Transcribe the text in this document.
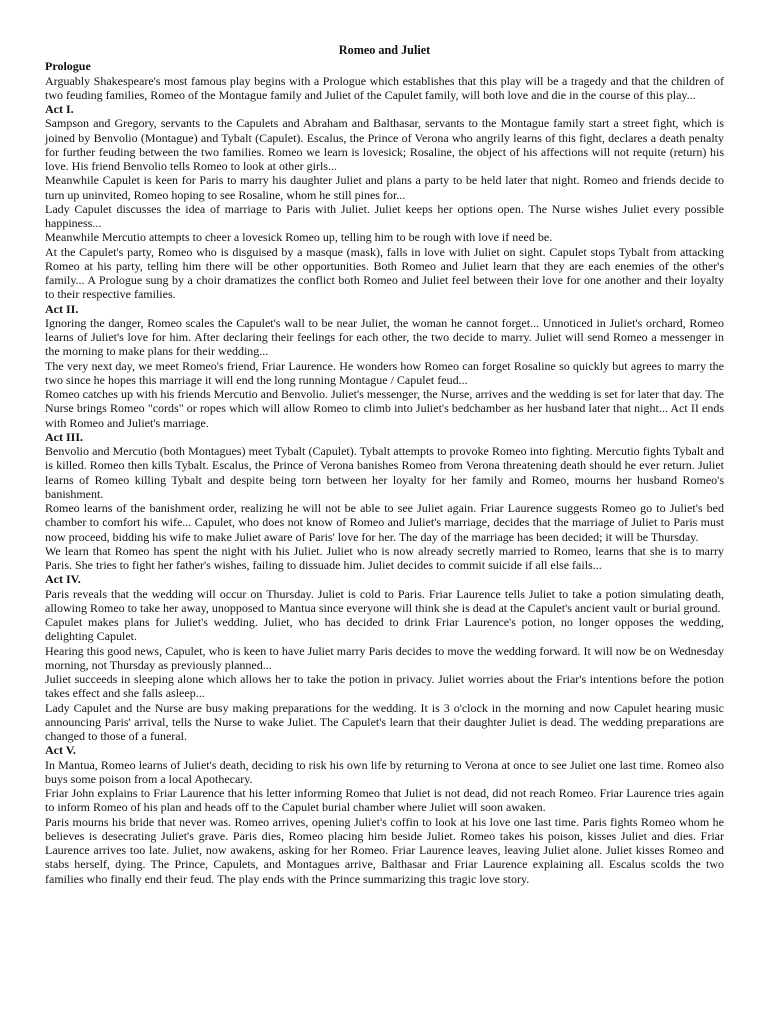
Romeo and Juliet
Prologue
Arguably Shakespeare's most famous play begins with a Prologue which establishes that this play will be a tragedy and that the children of two feuding families, Romeo of the Montague family and Juliet of the Capulet family, will both love and die in the course of this play...
Act I.
Sampson and Gregory, servants to the Capulets and Abraham and Balthasar, servants to the Montague family start a street fight, which is joined by Benvolio (Montague) and Tybalt (Capulet). Escalus, the Prince of Verona who angrily learns of this fight, declares a death penalty for further feuding between the two families. Romeo we learn is lovesick; Rosaline, the object of his affections will not requite (return) his love. His friend Benvolio tells Romeo to look at other girls...
Meanwhile Capulet is keen for Paris to marry his daughter Juliet and plans a party to be held later that night. Romeo and friends decide to turn up uninvited, Romeo hoping to see Rosaline, whom he still pines for...
Lady Capulet discusses the idea of marriage to Paris with Juliet. Juliet keeps her options open. The Nurse wishes Juliet every possible happiness...
Meanwhile Mercutio attempts to cheer a lovesick Romeo up, telling him to be rough with love if need be.
At the Capulet's party, Romeo who is disguised by a masque (mask), falls in love with Juliet on sight. Capulet stops Tybalt from attacking Romeo at his party, telling him there will be other opportunities. Both Romeo and Juliet learn that they are each enemies of the other's family... A Prologue sung by a choir dramatizes the conflict both Romeo and Juliet feel between their love for one another and their loyalty to their respective families.
Act II.
Ignoring the danger, Romeo scales the Capulet's wall to be near Juliet, the woman he cannot forget... Unnoticed in Juliet's orchard, Romeo learns of Juliet's love for him. After declaring their feelings for each other, the two decide to marry. Juliet will send Romeo a messenger in the morning to make plans for their wedding...
The very next day, we meet Romeo's friend, Friar Laurence. He wonders how Romeo can forget Rosaline so quickly but agrees to marry the two since he hopes this marriage it will end the long running Montague / Capulet feud...
Romeo catches up with his friends Mercutio and Benvolio. Juliet's messenger, the Nurse, arrives and the wedding is set for later that day. The Nurse brings Romeo "cords" or ropes which will allow Romeo to climb into Juliet's bedchamber as her husband later that night... Act II ends with Romeo and Juliet's marriage.
Act III.
Benvolio and Mercutio (both Montagues) meet Tybalt (Capulet). Tybalt attempts to provoke Romeo into fighting. Mercutio fights Tybalt and is killed. Romeo then kills Tybalt. Escalus, the Prince of Verona banishes Romeo from Verona threatening death should he ever return. Juliet learns of Romeo killing Tybalt and despite being torn between her loyalty for her family and Romeo, mourns her husband Romeo's banishment.
Romeo learns of the banishment order, realizing he will not be able to see Juliet again. Friar Laurence suggests Romeo go to Juliet's bed chamber to comfort his wife... Capulet, who does not know of Romeo and Juliet's marriage, decides that the marriage of Juliet to Paris must now proceed, bidding his wife to make Juliet aware of Paris' love for her. The day of the marriage has been decided; it will be Thursday.
We learn that Romeo has spent the night with his Juliet. Juliet who is now already secretly married to Romeo, learns that she is to marry Paris. She tries to fight her father's wishes, failing to dissuade him. Juliet decides to commit suicide if all else fails...
Act IV.
Paris reveals that the wedding will occur on Thursday. Juliet is cold to Paris. Friar Laurence tells Juliet to take a potion simulating death, allowing Romeo to take her away, unopposed to Mantua since everyone will think she is dead at the Capulet's ancient vault or burial ground.
Capulet makes plans for Juliet's wedding. Juliet, who has decided to drink Friar Laurence's potion, no longer opposes the wedding, delighting Capulet.
Hearing this good news, Capulet, who is keen to have Juliet marry Paris decides to move the wedding forward. It will now be on Wednesday morning, not Thursday as previously planned...
Juliet succeeds in sleeping alone which allows her to take the potion in privacy. Juliet worries about the Friar's intentions before the potion takes effect and she falls asleep...
Lady Capulet and the Nurse are busy making preparations for the wedding. It is 3 o'clock in the morning and now Capulet hearing music announcing Paris' arrival, tells the Nurse to wake Juliet. The Capulet's learn that their daughter Juliet is dead. The wedding preparations are changed to those of a funeral.
Act V.
In Mantua, Romeo learns of Juliet's death, deciding to risk his own life by returning to Verona at once to see Juliet one last time. Romeo also buys some poison from a local Apothecary.
Friar John explains to Friar Laurence that his letter informing Romeo that Juliet is not dead, did not reach Romeo. Friar Laurence tries again to inform Romeo of his plan and heads off to the Capulet burial chamber where Juliet will soon awaken.
Paris mourns his bride that never was. Romeo arrives, opening Juliet's coffin to look at his love one last time. Paris fights Romeo whom he believes is desecrating Juliet's grave. Paris dies, Romeo placing him beside Juliet. Romeo takes his poison, kisses Juliet and dies. Friar Laurence arrives too late. Juliet, now awakens, asking for her Romeo. Friar Laurence leaves, leaving Juliet alone. Juliet kisses Romeo and stabs herself, dying. The Prince, Capulets, and Montagues arrive, Balthasar and Friar Laurence explaining all. Escalus scolds the two families who finally end their feud. The play ends with the Prince summarizing this tragic love story.
